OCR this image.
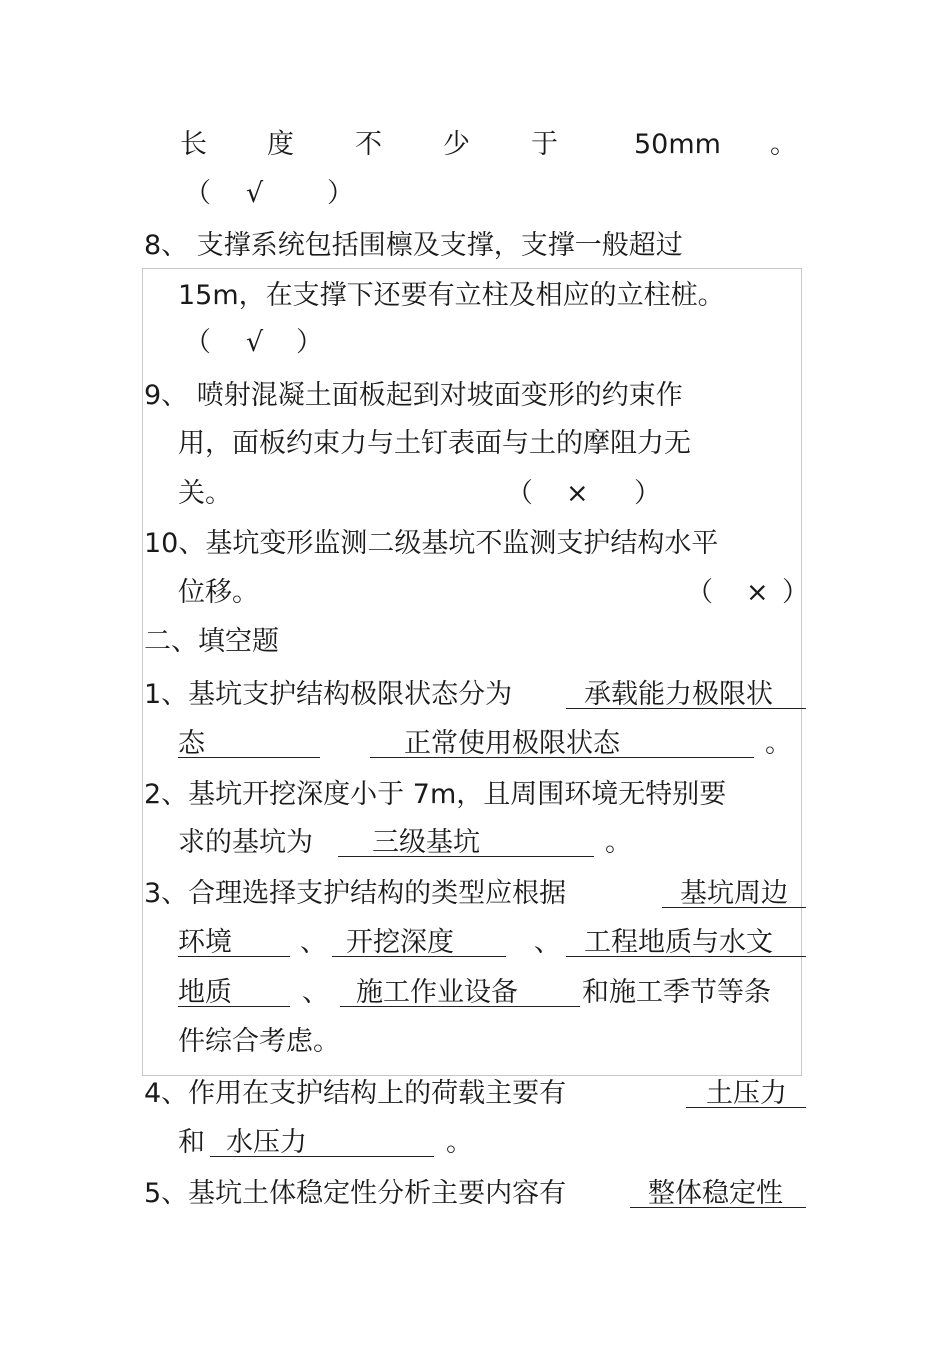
长 度 不 少 于	50mm 。
（ √ ）
8、 支撑系统包括围檩及支撑，支撑一般超过
15m，在支撑下还要有立柱及相应的立柱桩。
（ √ ）
9、 喷射混凝土面板起到对坡面变形的约束作
用，面板约束力与土钉表面与土的摩阻力无
关。	（ × ）
10、基坑变形监测二级基坑不监测支护结构水平
位移。	（ × ）
二、填空题
1、基坑支护结构极限状态分为	承载能力极限状
态	正常使用极限状态	。
2、基坑开挖深度小于 7m，且周围环境无特别要
求的基坑为 三级基坑	。
3、合理选择支护结构的类型应根据	基坑周边
环境	、 开挖深度	、 工程地质与水文
地质	、 施工作业设备 和施工季节等条
件综合考虑。
4、作用在支护结构上的荷载主要有	土压力
和 水压力	。
5、基坑土体稳定性分析主要内容有	整体稳定性
